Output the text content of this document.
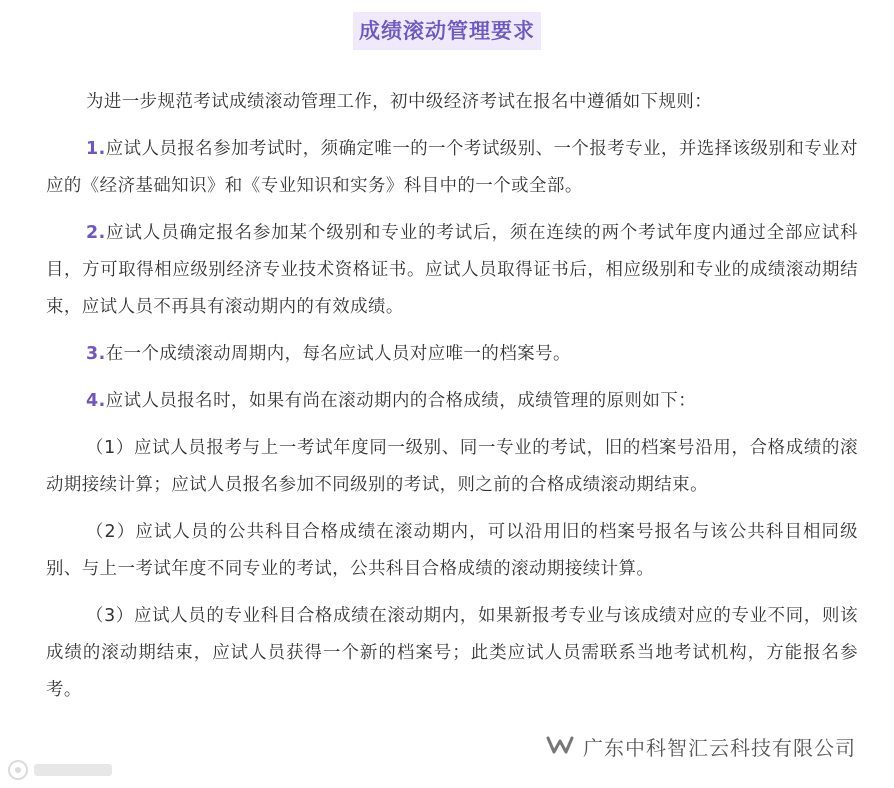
成绩滚动管理要求

为进一步规范考试成绩滚动管理工作，初中级经济考试在报名中遵循如下规则：

1.应试人员报名参加考试时，须确定唯一的一个考试级别、一个报考专业，并选择该级别和专业对应的《经济基础知识》和《专业知识和实务》科目中的一个或全部。

2.应试人员确定报名参加某个级别和专业的考试后，须在连续的两个考试年度内通过全部应试科目，方可取得相应级别经济专业技术资格证书。应试人员取得证书后，相应级别和专业的成绩滚动期结束，应试人员不再具有滚动期内的有效成绩。

3.在一个成绩滚动周期内，每名应试人员对应唯一的档案号。

4.应试人员报名时，如果有尚在滚动期内的合格成绩，成绩管理的原则如下：

（1）应试人员报考与上一考试年度同一级别、同一专业的考试，旧的档案号沿用，合格成绩的滚动期接续计算；应试人员报名参加不同级别的考试，则之前的合格成绩滚动期结束。

（2）应试人员的公共科目合格成绩在滚动期内，可以沿用旧的档案号报名与该公共科目相同级别、与上一考试年度不同专业的考试，公共科目合格成绩的滚动期接续计算。

（3）应试人员的专业科目合格成绩在滚动期内，如果新报考专业与该成绩对应的专业不同，则该成绩的滚动期结束，应试人员获得一个新的档案号；此类应试人员需联系当地考试机构，方能报名参考。

广东中科智汇云科技有限公司
